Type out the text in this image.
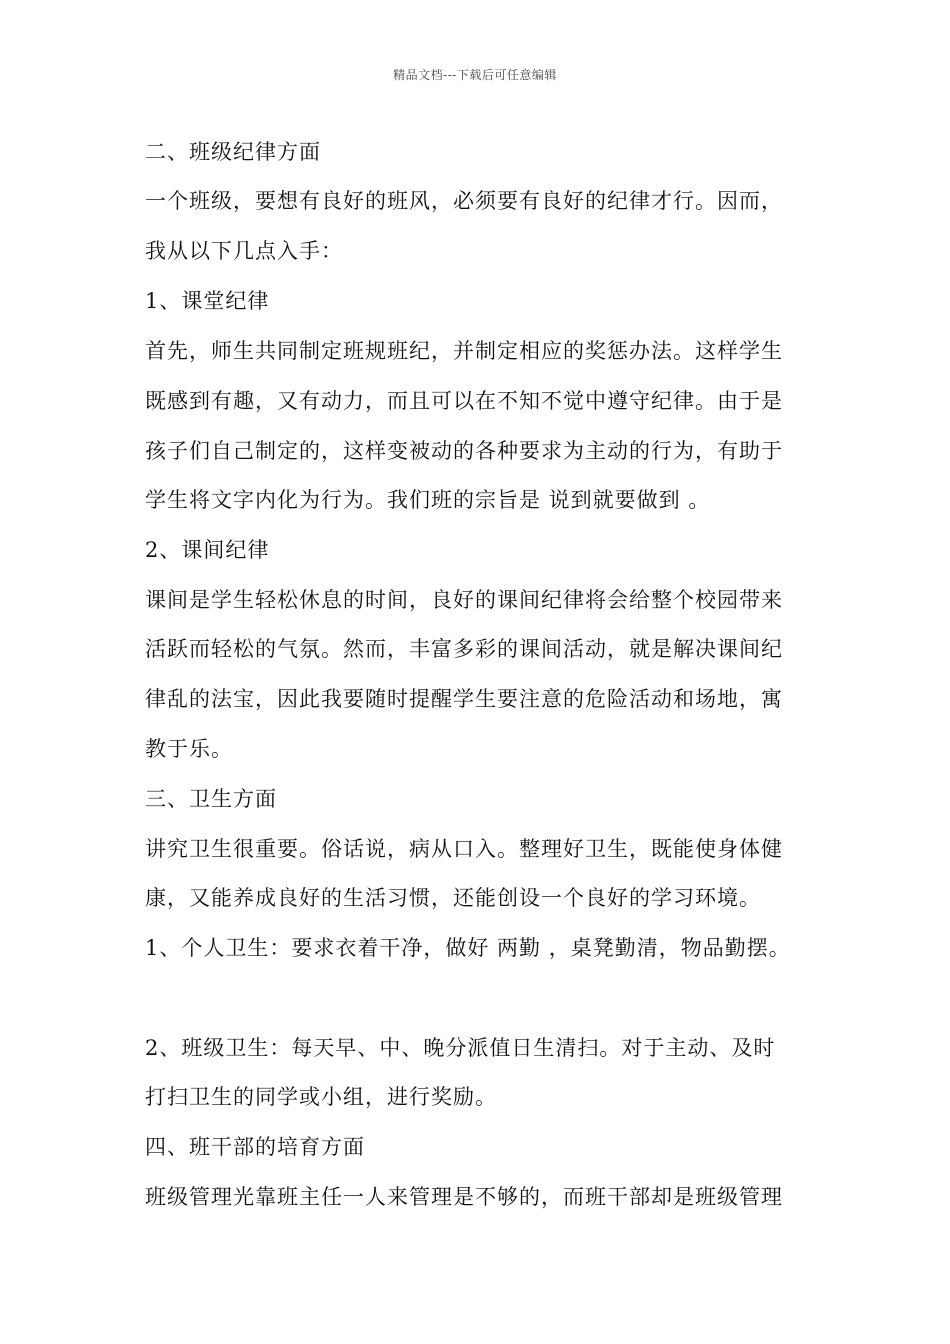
精品文档---下载后可任意编辑
二、班级纪律方面
一个班级，要想有良好的班风，必须要有良好的纪律才行。因而，
我从以下几点入手：
1、课堂纪律
首先，师生共同制定班规班纪，并制定相应的奖惩办法。这样学生
既感到有趣，又有动力，而且可以在不知不觉中遵守纪律。由于是
孩子们自己制定的，这样变被动的各种要求为主动的行为，有助于
学生将文字内化为行为。我们班的宗旨是 说到就要做到 。
2、课间纪律
课间是学生轻松休息的时间，良好的课间纪律将会给整个校园带来
活跃而轻松的气氛。然而，丰富多彩的课间活动，就是解决课间纪
律乱的法宝，因此我要随时提醒学生要注意的危险活动和场地，寓
教于乐。
三、卫生方面
讲究卫生很重要。俗话说，病从口入。整理好卫生，既能使身体健
康，又能养成良好的生活习惯，还能创设一个良好的学习环境。
1、个人卫生：要求衣着干净，做好 两勤 ，桌凳勤清，物品勤摆。
2、班级卫生：每天早、中、晚分派值日生清扫。对于主动、及时
打扫卫生的同学或小组，进行奖励。
四、班干部的培育方面
班级管理光靠班主任一人来管理是不够的，而班干部却是班级管理
